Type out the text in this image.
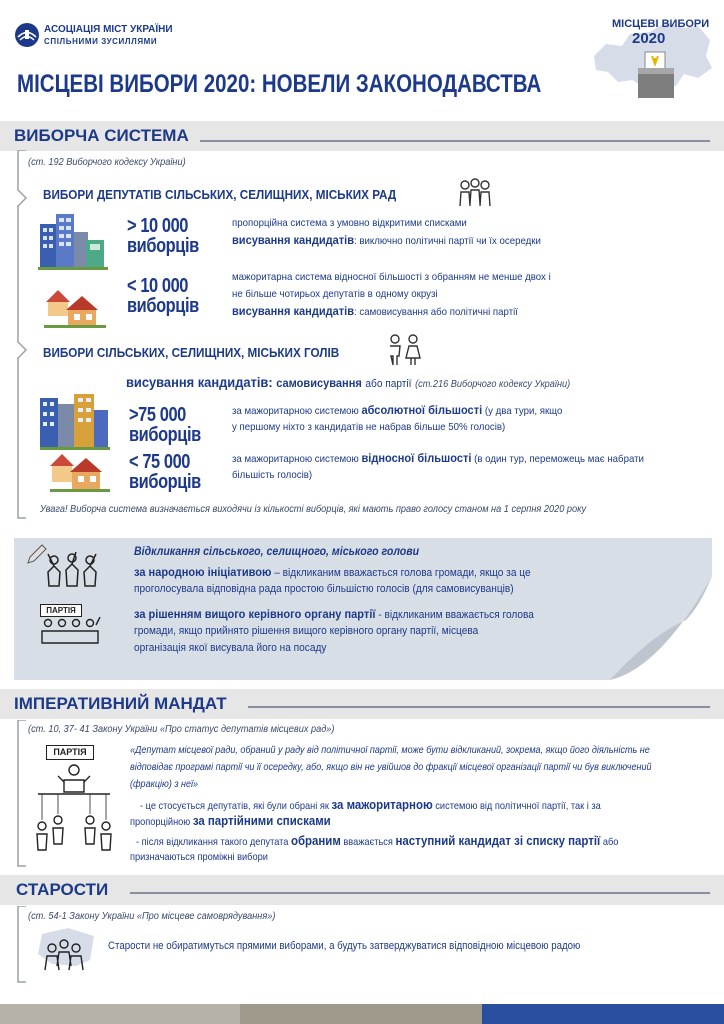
АСОЦІАЦІЯ МІСТ УКРАЇНИ
СПІЛЬНИМИ ЗУСИЛЛЯМИ
МІСЦЕВІ ВИБОРИ
2020
МІСЦЕВІ ВИБОРИ 2020: НОВЕЛИ ЗАКОНОДАВСТВА
ВИБОРЧА СИСТЕМА
(ст. 192 Виборчого кодексу України)
ВИБОРИ ДЕПУТАТІВ СІЛЬСЬКИХ, СЕЛИЩНИХ, МІСЬКИХ РАД
> 10 000
виборців
пропорційна система з умовно відкритими списками
висування кандидатів: виключно політичні партії чи їх осередки
< 10 000
виборців
мажоритарна система відносної більшості з обранням не менше двох і
не більше чотирьох депутатів в одному окрузі
висування кандидатів: самовисування або політичні партії
ВИБОРИ СІЛЬСЬКИХ, СЕЛИЩНИХ, МІСЬКИХ ГОЛІВ
висування кандидатів: самовисування або партії (ст.216 Виборчого кодексу України)
>75 000
виборців
за мажоритарною системою абсолютної більшості (у два тури, якщо
у першому ніхто з кандидатів не набрав більше 50% голосів)
< 75 000
виборців
за мажоритарною системою відносної більшості (в один тур, переможець має набрати
більшість голосів)
Увага! Виборча система визначається виходячи із кількості виборців, які мають право голосу станом на 1 серпня 2020 року
ПАРТІЯ
Відкликання сільського, селищного, міського голови
за народною ініціативою – відкликаним вважається голова громади, якщо за це
проголосувала відповідна рада простою більшістю голосів (для самовисуванців)
за рішенням вищого керівного органу партії - відкликаним вважається голова
громади, якщо прийнято рішення вищого керівного органу партії, місцева
організація якої висувала його на посаду
ІМПЕРАТИВНИЙ МАНДАТ
(ст. 10, 37- 41 Закону України «Про статус депутатів місцевих рад»)
ПАРТІЯ	«Депутат місцевої ради, обраний у раду від політичної партії, може бути відкликаний, зокрема, якщо його діяльність не
відповідає програмі партії чи її осередку, або, якщо він не увійшов до фракції місцевої організації партії чи був виключений
(фракцію) з неї»
- це стосується депутатів, які були обрані як за мажоритарною системою від політичної партії, так і за
пропорційною за партійними списками
- після відкликання такого депутата обраним вважається наступний кандидат зі списку партії або
призначаються проміжні вибори
СТАРОСТИ
(ст. 54-1 Закону України «Про місцеве самоврядування»)
Старости не обиратимуться прямими виборами, а будуть затверджуватися відповідною місцевою радою
